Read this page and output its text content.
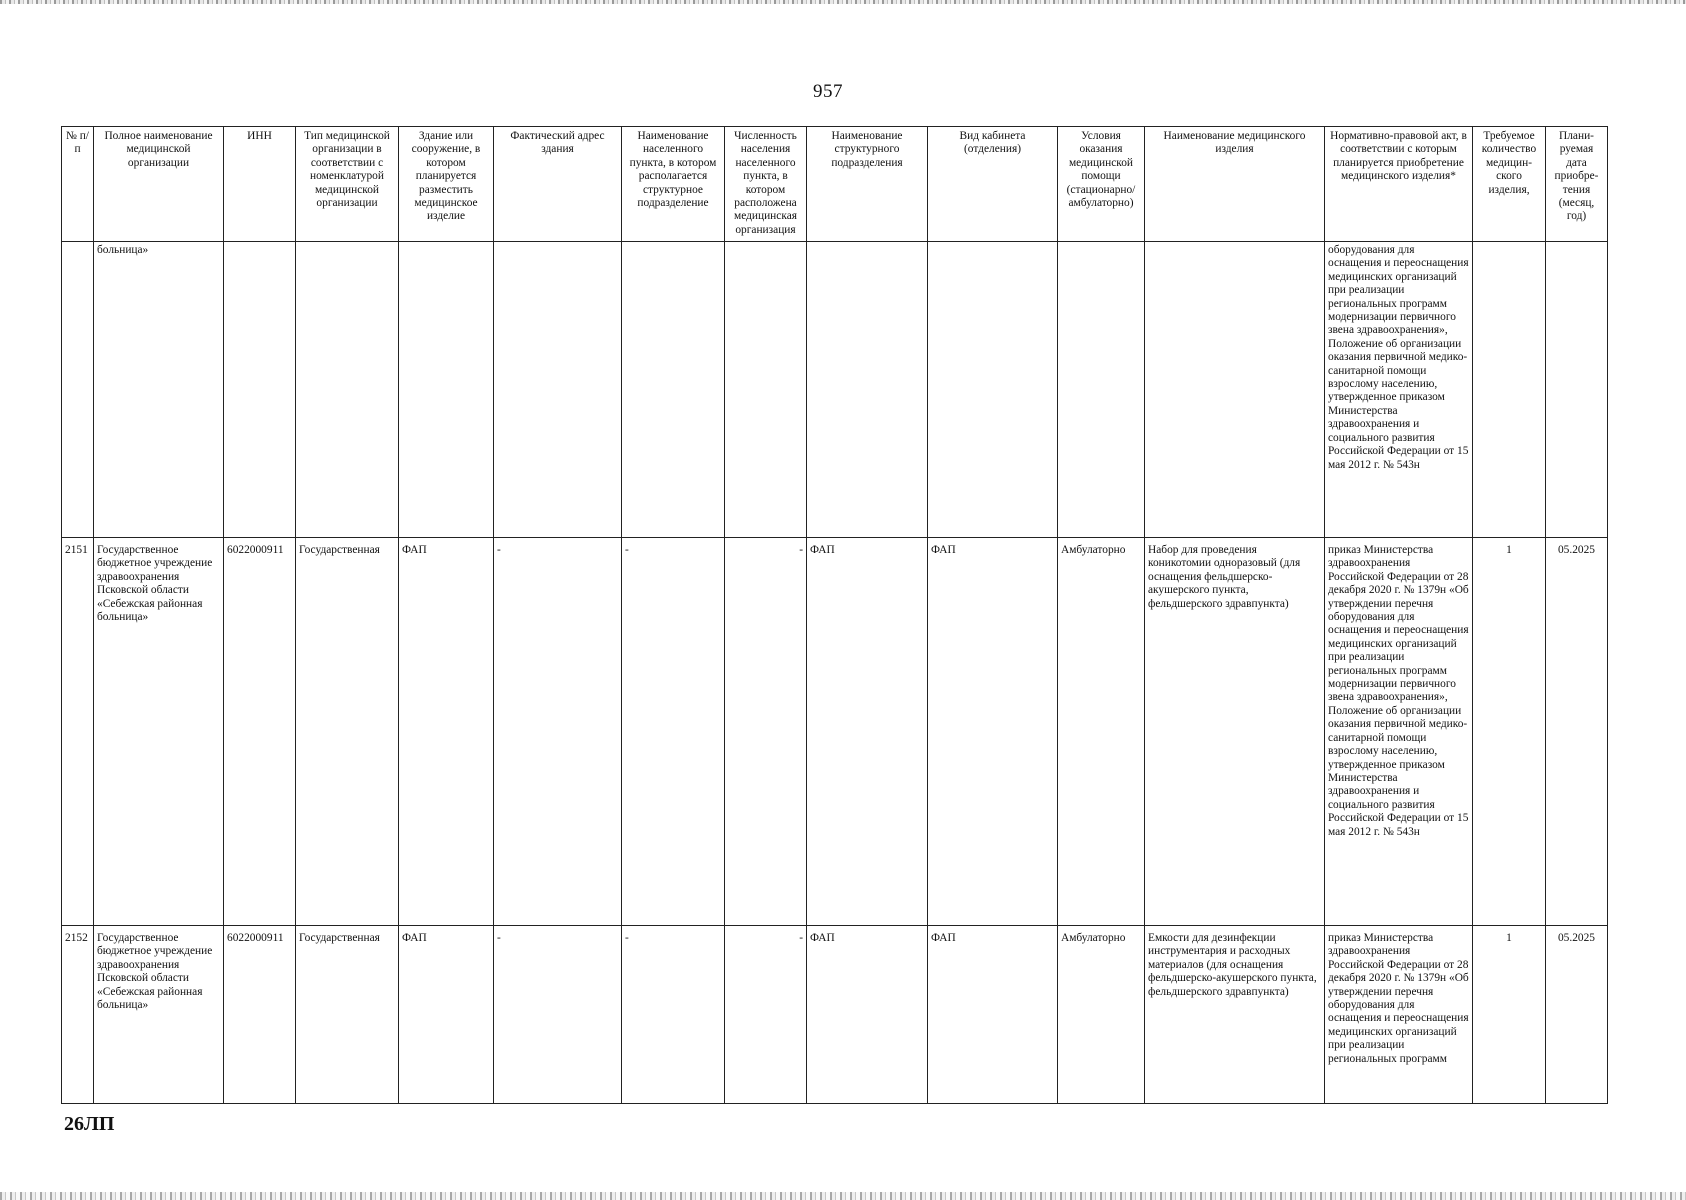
957
№ п/п	Полное наименование медицинской организации	ИНН	Тип медицинской организации в соответствии с номенклатурой медицинской организации	Здание или сооружение, в котором планируется разместить медицинское изделие	Фактический адрес здания	Наименование населенного пункта, в котором располагается структурное подразделение	Численность населения населенного пункта, в котором расположена медицинская организация	Наименование структурного подразделения	Вид кабинета (отделения)	Условия оказания медицинской помощи (стационарно/ амбулаторно)	Наименование медицинского изделия	Нормативно-правовой акт, в соответствии с которым планируется приобретение медицинского изделия*	Требуемое количество медицин-ского изделия,	Плани-руемая дата приобре-тения (месяц, год)
	больница»											оборудования для оснащения и переоснащения медицинских организаций при реализации региональных программ модернизации первичного звена здравоохранения», Положение об организации оказания первичной медико-санитарной помощи взрослому населению, утвержденное приказом Министерства здравоохранения и социального развития Российской Федерации от 15 мая 2012 г. № 543н		
2151	Государственное бюджетное учреждение здравоохранения Псковской области «Себежская районная больница»	6022000911	Государственная	ФАП	-	-	-	ФАП	ФАП	Амбулаторно	Набор для проведения коникотомии одноразовый (для оснащения фельдшерско-акушерского пункта, фельдшерского здравпункта)	приказ Министерства здравоохранения Российской Федерации от 28 декабря 2020 г. № 1379н «Об утверждении перечня оборудования для оснащения и переоснащения медицинских организаций при реализации региональных программ модернизации первичного звена здравоохранения», Положение об организации оказания первичной медико-санитарной помощи взрослому населению, утвержденное приказом Министерства здравоохранения и социального развития Российской Федерации от 15 мая 2012 г. № 543н	1	05.2025
2152	Государственное бюджетное учреждение здравоохранения Псковской области «Себежская районная больница»	6022000911	Государственная	ФАП	-	-	-	ФАП	ФАП	Амбулаторно	Емкости для дезинфекции инструментария и расходных материалов (для оснащения фельдшерско-акушерского пункта, фельдшерского здравпункта)	приказ Министерства здравоохранения Российской Федерации от 28 декабря 2020 г. № 1379н «Об утверждении перечня оборудования для оснащения и переоснащения медицинских организаций при реализации региональных программ	1	05.2025
26ЛП
